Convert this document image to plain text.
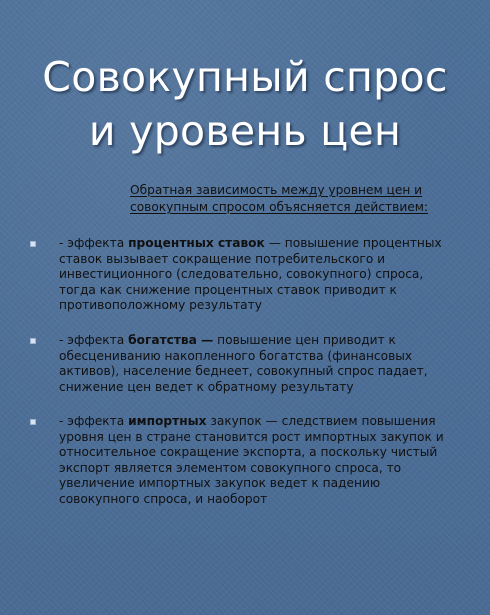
Совокупный спрос
и уровень цен
Обратная зависимость между уровнем цен и совокупным спросом объясняется действием:
- эффекта процентных ставок — повышение процентных ставок вызывает сокращение потребительского и инвестиционного (следовательно, совокупного) спроса, тогда как снижение процентных ставок приводит к противоположному результату
- эффекта богатства — повышение цен приводит к обесцениванию накопленного богатства (финансовых активов), население беднеет, совокупный спрос падает, снижение цен ведет к обратному результату
- эффекта импортных закупок — следствием повышения уровня цен в стране становится рост импортных закупок и относительное сокращение экспорта, а поскольку чистый экспорт является элементом совокупного спроса, то увеличение импортных закупок ведет к падению совокупного спроса, и наоборот
